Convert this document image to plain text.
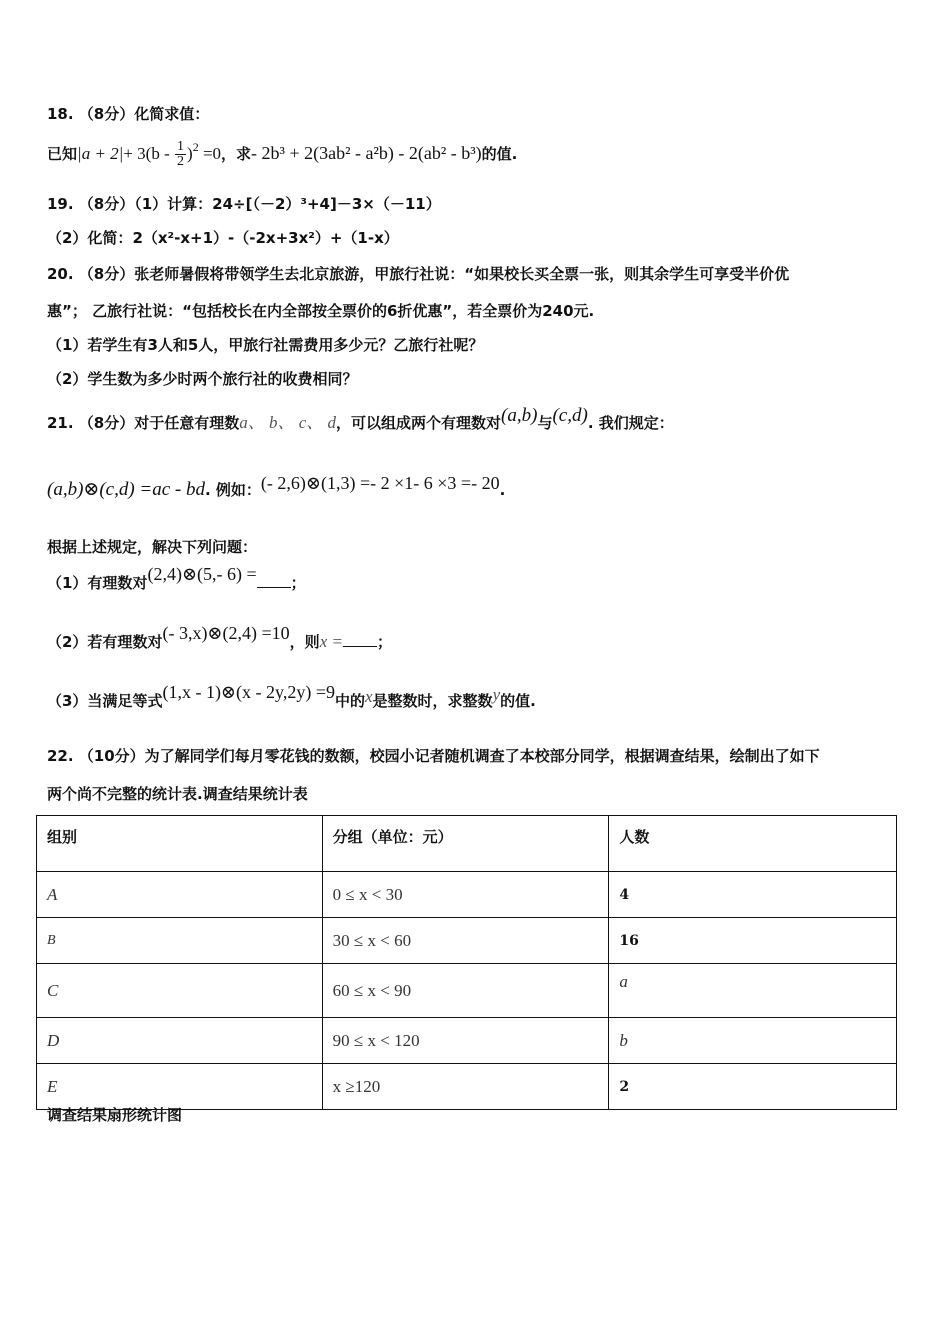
18. （8分）化简求值：
已知$|a + 2|+ 3(b - \frac{1}{2} )^2 =0$，求- 2b³ + 2(3ab² - a²b) - 2(ab² - b³)的值.
19. （8分）（1）计算：24÷[（－2）³+4]－3×（－11）
（2）化简：2（x²-x+1）-（-2x+3x²）+（1-x）
20. （8分）张老师暑假将带领学生去北京旅游，甲旅行社说：“如果校长买全票一张，则其余学生可享受半价优
惠”； 乙旅行社说：“包括校长在内全部按全票价的6折优惠”，若全票价为240元.
（1）若学生有3人和5人，甲旅行社需费用多少元？乙旅行社呢？
（2）学生数为多少时两个旅行社的收费相同？
21. （8分）对于任意有理数a、 b、 c、 d，可以组成两个有理数对(a,b)与(c,d). 我们规定：
(a,b)⊗(c,d) =ac - bd. 例如：(- 2,6)⊗(1,3) =- 2 ×1- 6 ×3 =- 20.
根据上述规定，解决下列问题：
（1）有理数对(2,4)⊗(5,- 6) = ；
（2）若有理数对(- 3,x)⊗(2,4) =10，则x = ；
（3）当满足等式(1,x - 1)⊗(x - 2y,2y) =9中的x是整数时，求整数y的值.
22. （10分）为了解同学们每月零花钱的数额，校园小记者随机调查了本校部分同学，根据调查结果，绘制出了如下
两个尚不完整的统计表.调查结果统计表
组别	分组（单位：元）	人数
A	0 ≤ x < 30	4
B	30 ≤ x < 60	16
C	60 ≤ x < 90	a
D	90 ≤ x < 120	b
E	x ≥120	2
调查结果扇形统计图
